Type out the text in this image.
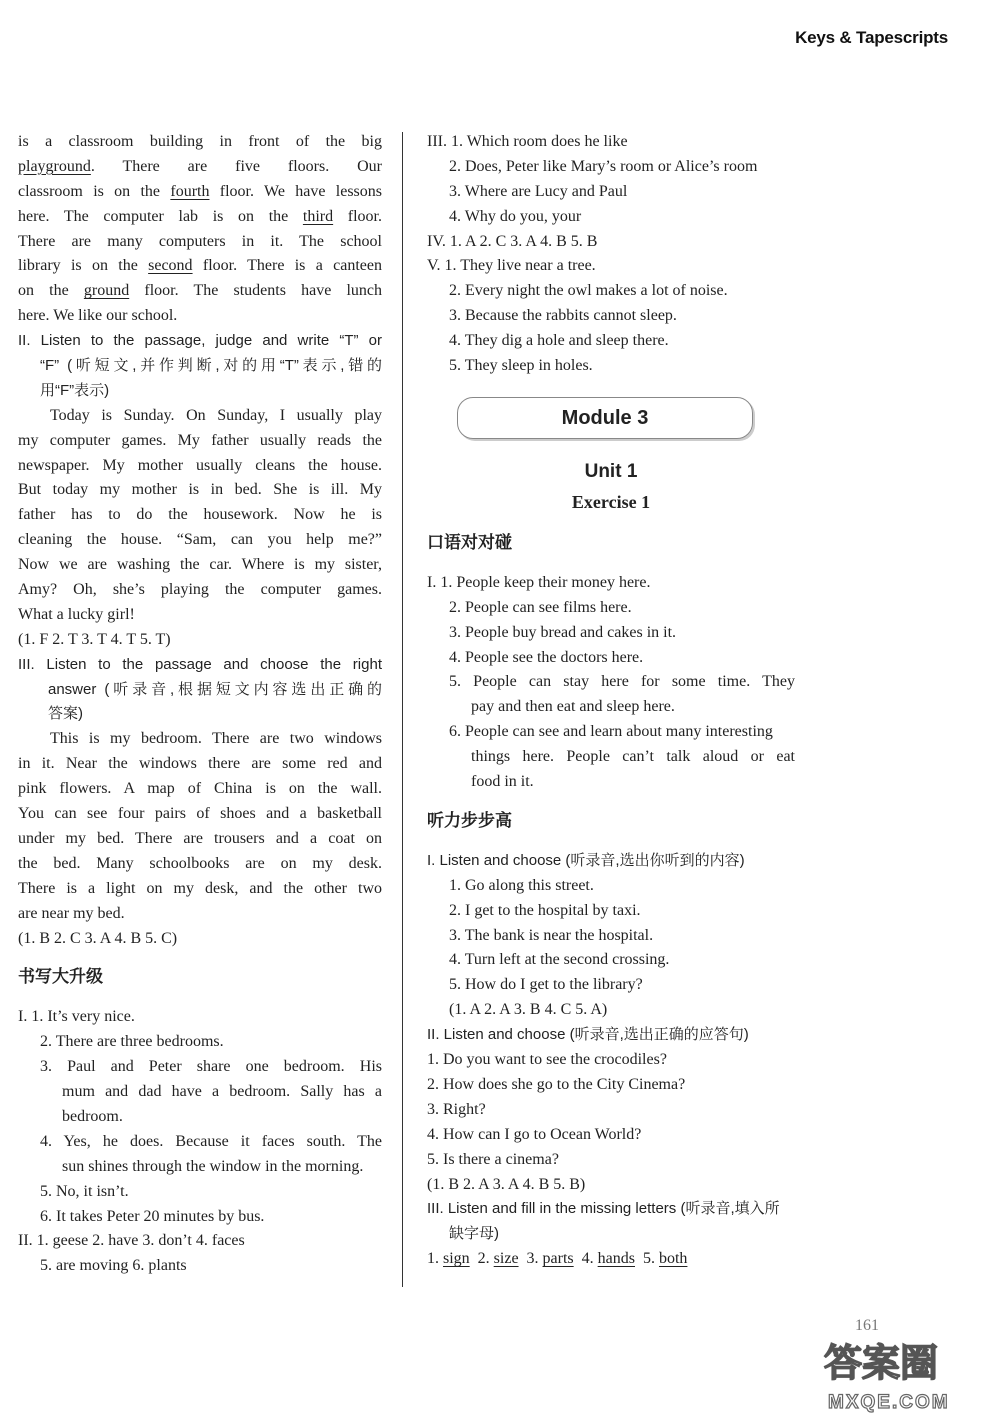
Keys & Tapescripts
is a classroom building in front of the big
playground. There are five floors. Our
classroom is on the fourth floor. We have lessons
here. The computer lab is on the third floor.
There are many computers in it. The school
library is on the second floor. There is a canteen
on the ground floor. The students have lunch
here. We like our school.
II. Listen to the passage, judge and write “T” or
“F” (听短文,并作判断,对的用“T”表示,错的
用“F”表示)
Today is Sunday. On Sunday, I usually play
my computer games. My father usually reads the
newspaper. My mother usually cleans the house.
But today my mother is in bed. She is ill. My
father has to do the housework. Now he is
cleaning the house. “Sam, can you help me?”
Now we are washing the car. Where is my sister,
Amy? Oh, she’s playing the computer games.
What a lucky girl!
(1. F 2. T 3. T 4. T 5. T)
III. Listen to the passage and choose the right
answer (听录音,根据短文内容选出正确的
答案)
This is my bedroom. There are two windows
in it. Near the windows there are some red and
pink flowers. A map of China is on the wall.
You can see four pairs of shoes and a basketball
under my bed. There are trousers and a coat on
the bed. Many schoolbooks are on my desk.
There is a light on my desk, and the other two
are near my bed.
(1. B 2. C 3. A 4. B 5. C)
书写大升级
I. 1. It’s very nice.
2. There are three bedrooms.
3. Paul and Peter share one bedroom. His
mum and dad have a bedroom. Sally has a
bedroom.
4. Yes, he does. Because it faces south. The
sun shines through the window in the morning.
5. No, it isn’t.
6. It takes Peter 20 minutes by bus.
II. 1. geese 2. have 3. don’t 4. faces
5. are moving 6. plants
III. 1. Which room does he like
2. Does, Peter like Mary’s room or Alice’s room
3. Where are Lucy and Paul
4. Why do you, your
IV. 1. A 2. C 3. A 4. B 5. B
V. 1. They live near a tree.
2. Every night the owl makes a lot of noise.
3. Because the rabbits cannot sleep.
4. They dig a hole and sleep there.
5. They sleep in holes.
Module 3
Unit 1
Exercise 1
口语对对碰
I. 1. People keep their money here.
2. People can see films here.
3. People buy bread and cakes in it.
4. People see the doctors here.
5. People can stay here for some time. They
pay and then eat and sleep here.
6. People can see and learn about many interesting
things here. People can’t talk aloud or eat
food in it.
听力步步高
I. Listen and choose (听录音,选出你听到的内容)
1. Go along this street.
2. I get to the hospital by taxi.
3. The bank is near the hospital.
4. Turn left at the second crossing.
5. How do I get to the library?
(1. A 2. A 3. B 4. C 5. A)
II. Listen and choose (听录音,选出正确的应答句)
1. Do you want to see the crocodiles?
2. How does she go to the City Cinema?
3. Right?
4. How can I go to Ocean World?
5. Is there a cinema?
(1. B 2. A 3. A 4. B 5. B)
III. Listen and fill in the missing letters (听录音,填入所
缺字母)
1. sign  2. size  3. parts  4. hands  5. both
161
答案圈
MXQE.COM
